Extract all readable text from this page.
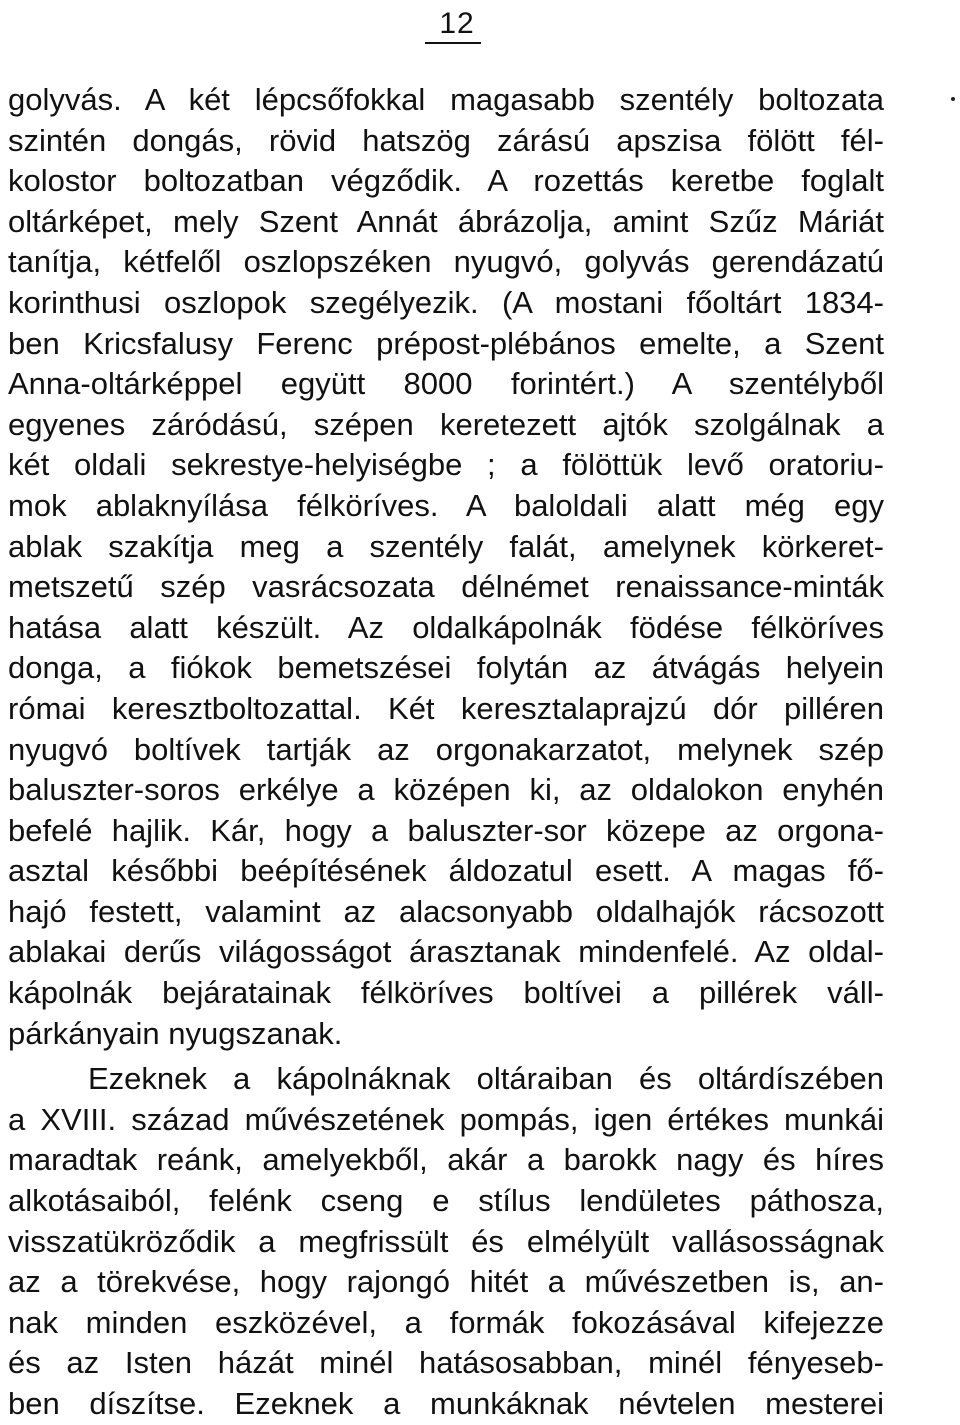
12
golyvás. A két lépcsőfokkal magasabb szentély boltozata
szintén dongás, rövid hatszög zárású apszisa fölött fél-
kolostor boltozatban végződik. A rozettás keretbe foglalt
oltárképet, mely Szent Annát ábrázolja, amint Szűz Máriát
tanítja, kétfelől oszlopszéken nyugvó, golyvás gerendázatú
korinthusi oszlopok szegélyezik. (A mostani főoltárt 1834-
ben Kricsfalusy Ferenc prépost-plébános emelte, a Szent
Anna-oltárképpel együtt 8000 forintért.) A szentélyből
egyenes záródású, szépen keretezett ajtók szolgálnak a
két oldali sekrestye-helyiségbe ; a fölöttük levő oratoriu-
mok ablaknyílása félköríves. A baloldali alatt még egy
ablak szakítja meg a szentély falát, amelynek körkeret-
metszetű szép vasrácsozata délnémet renaissance-minták
hatása alatt készült. Az oldalkápolnák födése félköríves
donga, a fiókok bemetszései folytán az átvágás helyein
római keresztboltozattal. Két keresztalaprajzú dór pilléren
nyugvó boltívek tartják az orgonakarzatot, melynek szép
baluszter-soros erkélye a középen ki, az oldalokon enyhén
befelé hajlik. Kár, hogy a baluszter-sor közepe az orgona-
asztal későbbi beépítésének áldozatul esett. A magas fő-
hajó festett, valamint az alacsonyabb oldalhajók rácsozott
ablakai derűs világosságot árasztanak mindenfelé. Az oldal-
kápolnák bejáratainak félköríves boltívei a pillérek váll-
párkányain nyugszanak.
Ezeknek a kápolnáknak oltáraiban és oltárdíszében
a XVIII. század művészetének pompás, igen értékes munkái
maradtak reánk, amelyekből, akár a barokk nagy és híres
alkotásaiból, felénk cseng e stílus lendületes páthosza,
visszatükröződik a megfrissült és elmélyült vallásosságnak
az a törekvése, hogy rajongó hitét a művészetben is, an-
nak minden eszközével, a formák fokozásával kifejezze
és az Isten házát minél hatásosabban, minél fényeseb-
ben díszítse. Ezeknek a munkáknak névtelen mesterei
